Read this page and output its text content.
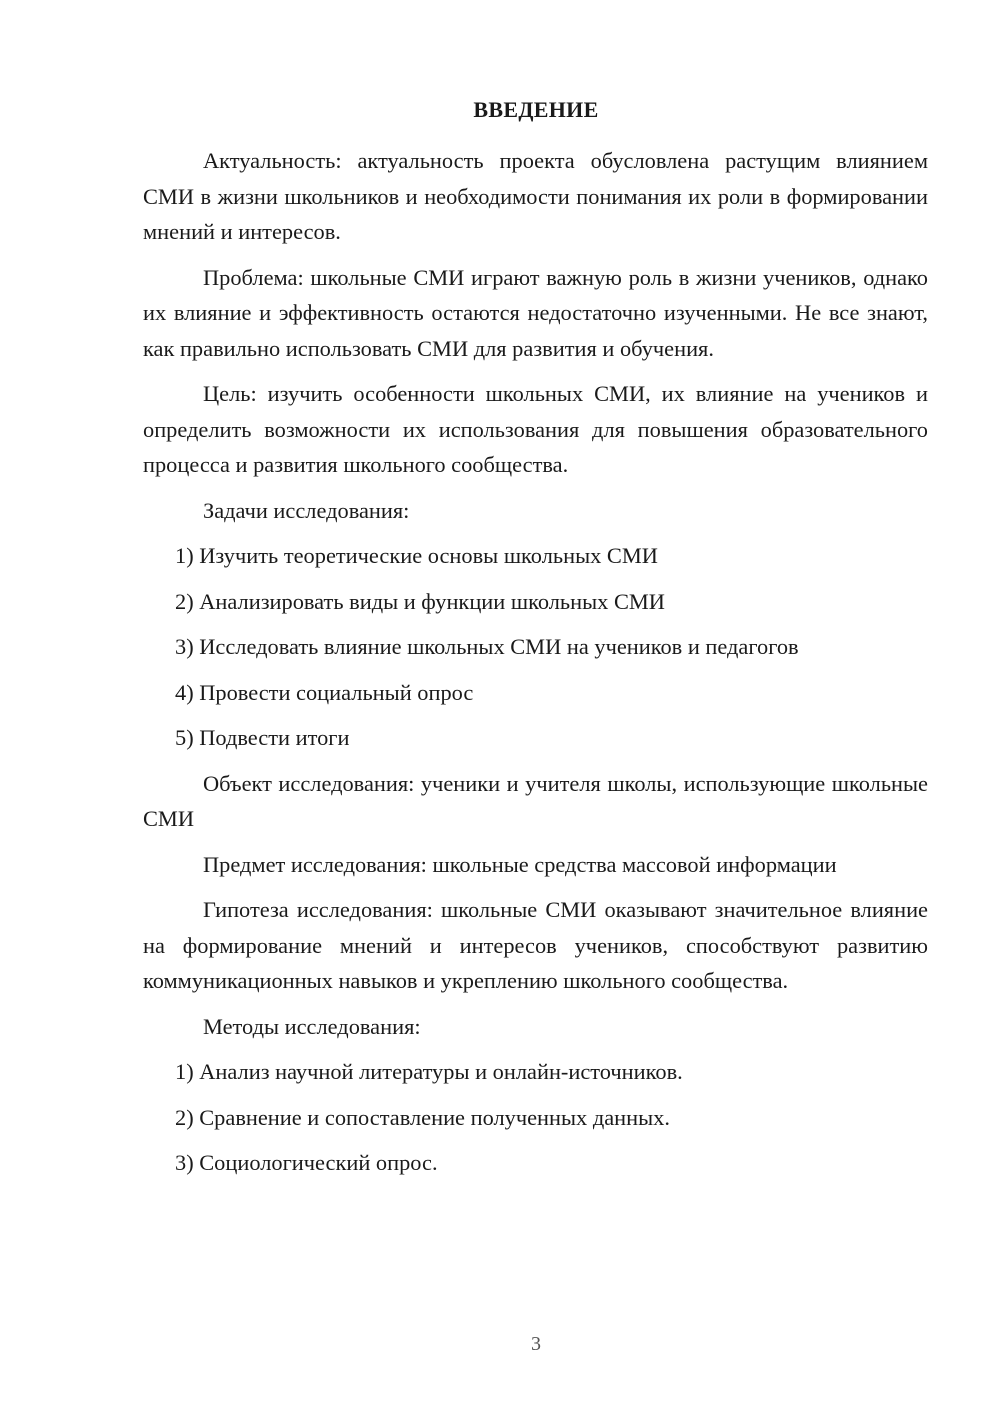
ВВЕДЕНИЕ

Актуальность: актуальность проекта обусловлена растущим влиянием СМИ в жизни школьников и необходимости понимания их роли в формировании мнений и интересов.

Проблема: школьные СМИ играют важную роль в жизни учеников, однако их влияние и эффективность остаются недостаточно изученными. Не все знают, как правильно использовать СМИ для развития и обучения.

Цель: изучить особенности школьных СМИ, их влияние на учеников и определить возможности их использования для повышения образовательного процесса и развития школьного сообщества.

Задачи исследования:

1) Изучить теоретические основы школьных СМИ
2) Анализировать виды и функции школьных СМИ
3) Исследовать влияние школьных СМИ на учеников и педагогов
4) Провести социальный опрос
5) Подвести итоги

Объект исследования: ученики и учителя школы, использующие школьные СМИ

Предмет исследования: школьные средства массовой информации

Гипотеза исследования: школьные СМИ оказывают значительное влияние на формирование мнений и интересов учеников, способствуют развитию коммуникационных навыков и укреплению школьного сообщества.

Методы исследования:

1) Анализ научной литературы и онлайн-источников.
2) Сравнение и сопоставление полученных данных.
3) Социологический опрос.
3
